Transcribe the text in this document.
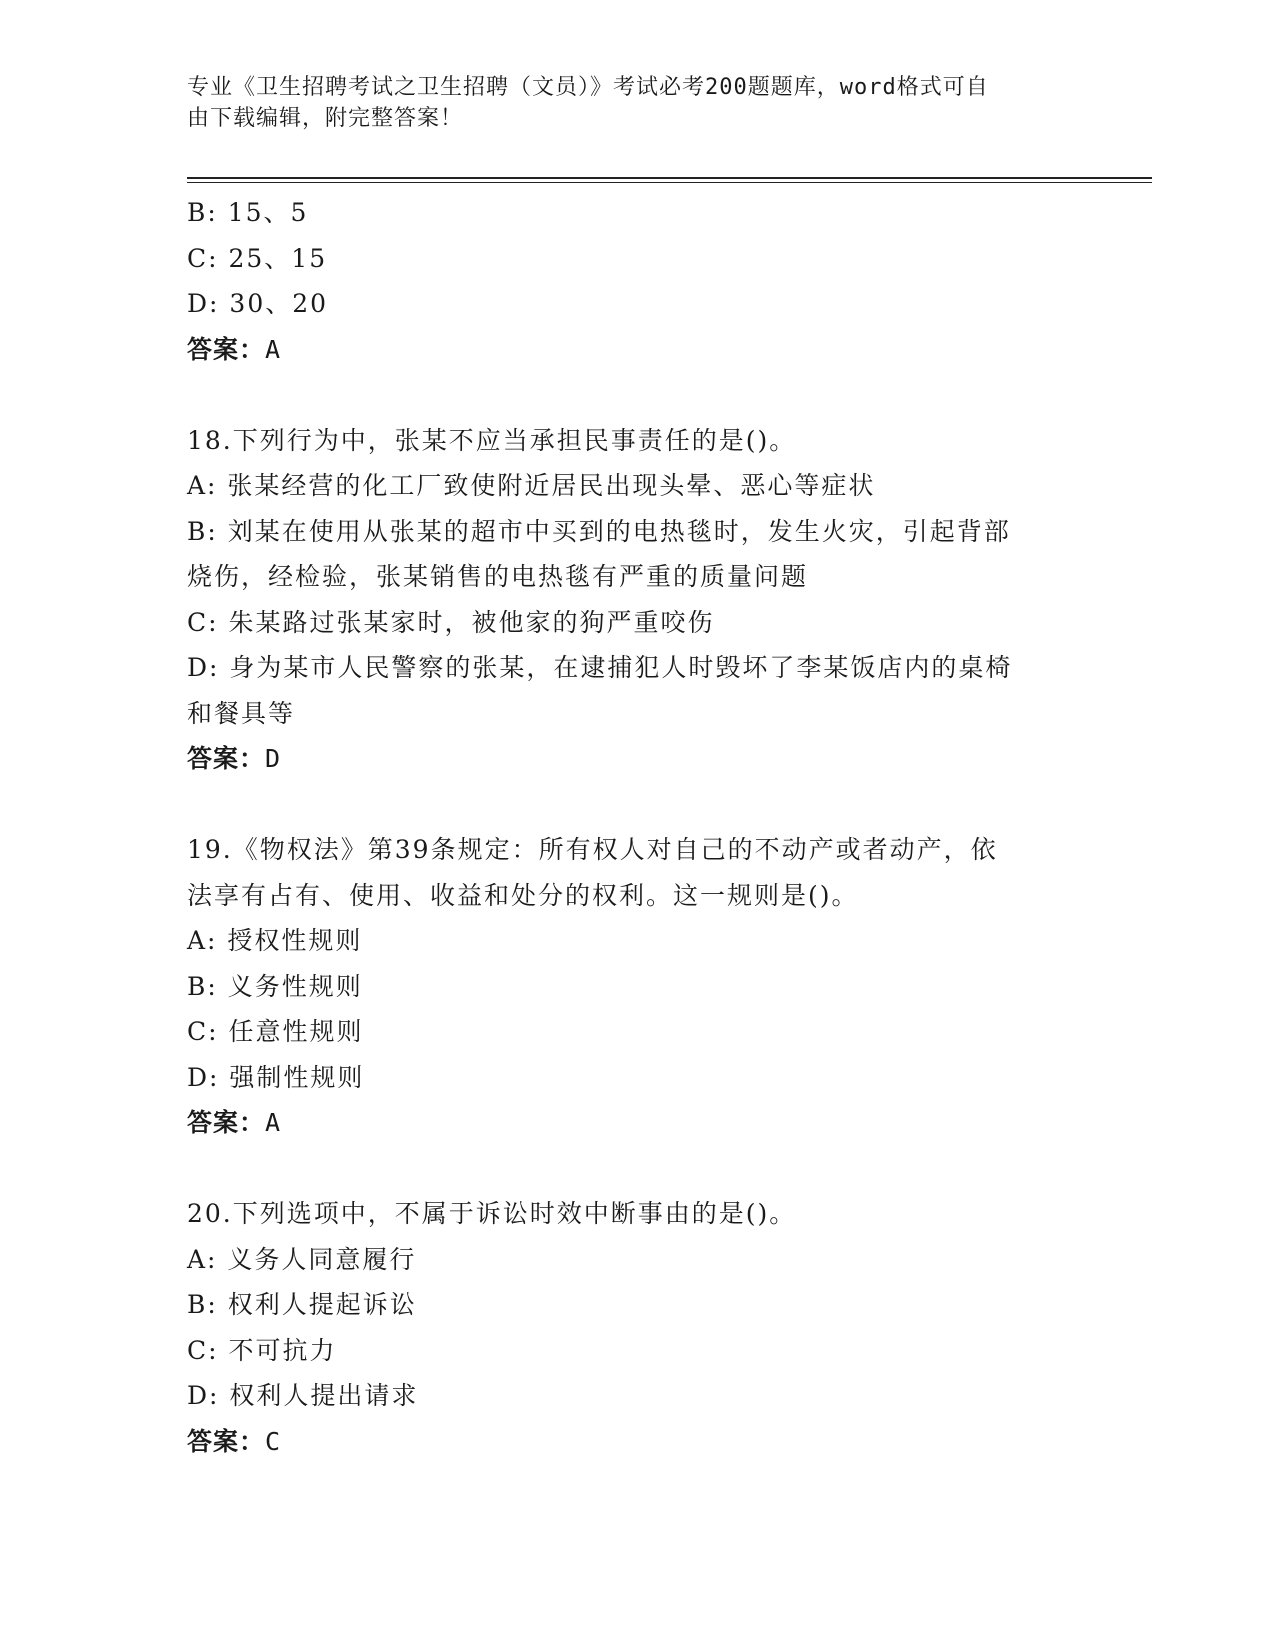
专业《卫生招聘考试之卫生招聘（文员）》考试必考200题题库，word格式可自
由下载编辑，附完整答案！

B: 15、5

C: 25、15

D: 30、20

答案：A

18.下列行为中，张某不应当承担民事责任的是()。

A: 张某经营的化工厂致使附近居民出现头晕、恶心等症状

B: 刘某在使用从张某的超市中买到的电热毯时，发生火灾，引起背部

烧伤，经检验，张某销售的电热毯有严重的质量问题

C: 朱某路过张某家时，被他家的狗严重咬伤

D: 身为某市人民警察的张某，在逮捕犯人时毁坏了李某饭店内的桌椅

和餐具等

答案：D

19.《物权法》第39条规定：所有权人对自己的不动产或者动产，依

法享有占有、使用、收益和处分的权利。这一规则是()。

A: 授权性规则

B: 义务性规则

C: 任意性规则

D: 强制性规则

答案：A

20.下列选项中，不属于诉讼时效中断事由的是()。

A: 义务人同意履行

B: 权利人提起诉讼

C: 不可抗力

D: 权利人提出请求

答案：C
